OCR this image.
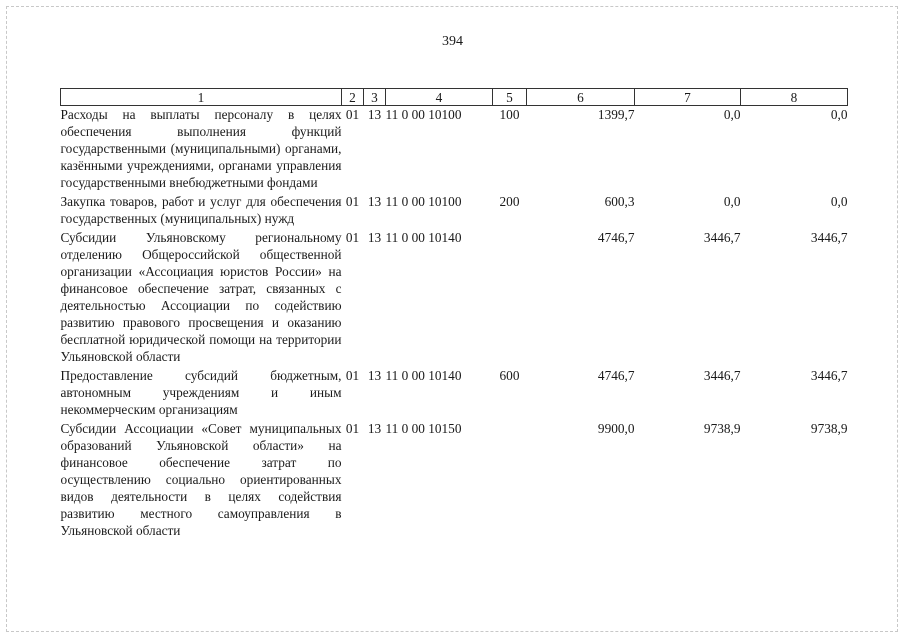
394
1	2	3	4	5	6	7	8
Расходы на выплаты персоналу в целях обеспечения выполнения функций государственными (муниципальными) органами, казёнными учреждениями, органами управления государственными внебюджетными фондами	01	13	11 0 00 10100	100	1399,7	0,0	0,0
Закупка товаров, работ и услуг для обеспечения государственных (муниципальных) нужд	01	13	11 0 00 10100	200	600,3	0,0	0,0
Субсидии Ульяновскому региональному отделению Общероссийской общественной организации «Ассоциация юристов России» на финансовое обеспечение затрат, связанных с деятельностью Ассоциации по содействию развитию правового просвещения и оказанию бесплатной юридической помощи на территории Ульяновской области	01	13	11 0 00 10140		4746,7	3446,7	3446,7
Предоставление субсидий бюджетным, автономным учреждениям и иным некоммерческим организациям	01	13	11 0 00 10140	600	4746,7	3446,7	3446,7
Субсидии Ассоциации «Совет муниципальных образований Ульяновской области» на финансовое обеспечение затрат по осуществлению социально ориентированных видов деятельности в целях содействия развитию местного самоуправления в Ульяновской области	01	13	11 0 00 10150		9900,0	9738,9	9738,9
